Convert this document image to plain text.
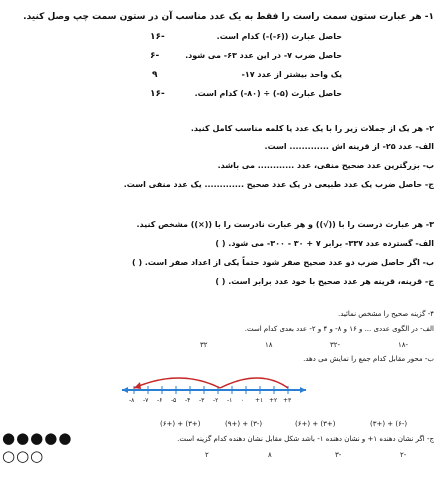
۱- هر عبارت ستون سمت راست را فقط به یک عدد مناسب آن در ستون سمت چپ وصل کنید.
حاصل عبارت ((۶-)-) کدام است.
۱۶-
حاصل ضرب ۷- در این عدد ۶۳- می شود.
۶-
یک واحد بیشتر از عدد ۱۷-
۹
حاصل عبارت (۵-) ÷ (۸۰-) کدام است.
۱۶-
۲- هر یک از جملات زیر را با یک عدد یا کلمه مناسب کامل کنید.
الف- عدد ۲۵- از قرینه اش ............. است.
ب- بزرگترین عدد صحیح منفی، عدد ............ می باشد.
ج- حاصل ضرب یک عدد طبیعی در یک عدد صحیح ............. یک عدد منفی است.
۳- هر عبارت درست را با ((√)) و هر عبارت نادرست را با ((×)) مشخص کنید.
الف- گسترده عدد ۳۳۷- برابر ۷ + ۳۰ - ۳۰۰- می شود. ( )
ب- اگر حاصل ضرب دو عدد صحیح صفر شود حتماً یکی از اعداد صفر است. ( )
ج- قرینه، قرینه هر عدد صحیح با خود عدد برابر است. ( )
۴- گزینه صحیح را مشخص نمائید.
الف- در الگوی عددی ... و ۱۶ و ۸- و ۴ و ۲- عدد بعدی کدام است.
۳۲	۱۸	۳۲-	۱۸-
ب- محور مقابل کدام جمع را نمایش می دهد.
-۸ -۷ -۶ -۵ -۴ -۳ -۲ -۱ ۰ +۱ +۲ +۳
(۶+) + (۳+)	(۹+) + (۳-)	(۶+) + (۳+)	(۳+) + (۶-)
ج- اگر نشان دهنده ۱+ و نشان دهنده ۱- باشد شکل مقابل نشان دهنده کدام گزینه است.
۲	۸	۳-	۲-
●●●●●
○○○
